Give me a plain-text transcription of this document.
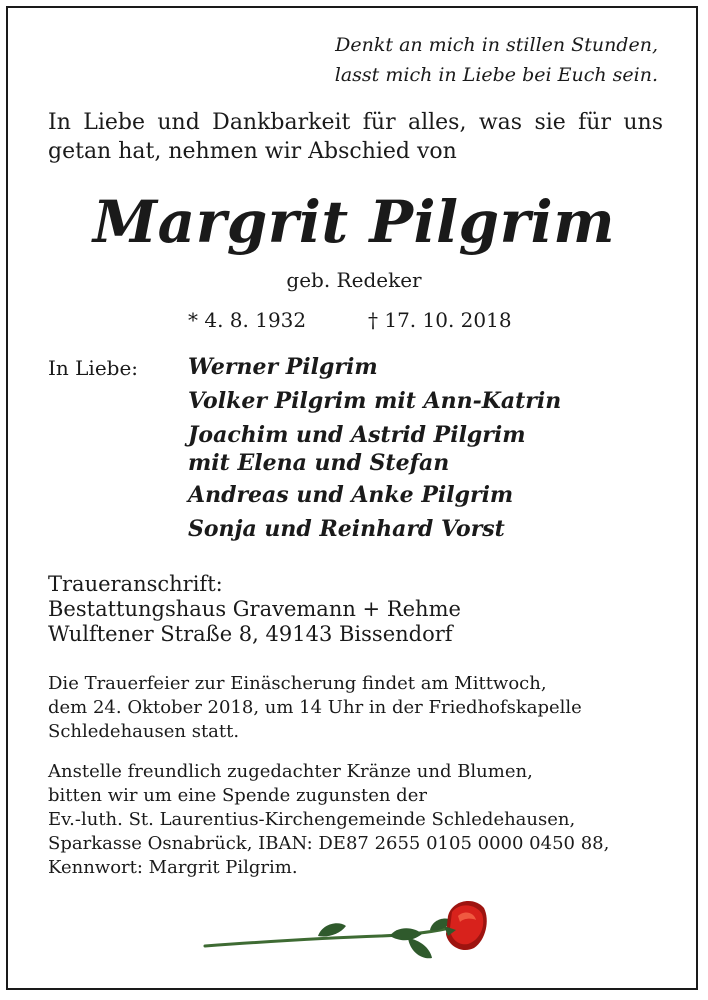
Denkt an mich in stillen Stunden,
lasst mich in Liebe bei Euch sein.
In Liebe und Dankbarkeit für alles, was sie für uns
getan hat, nehmen wir Abschied von
Margrit Pilgrim
geb. Redeker
* 4. 8. 1932	† 17. 10. 2018
In Liebe: Werner Pilgrim
Volker Pilgrim mit Ann-Katrin
Joachim und Astrid Pilgrim
mit Elena und Stefan
Andreas und Anke Pilgrim
Sonja und Reinhard Vorst
Traueranschrift:
Bestattungshaus Gravemann + Rehme
Wulftener Straße 8, 49143 Bissendorf
Die Trauerfeier zur Einäscherung findet am Mittwoch,
dem 24. Oktober 2018, um 14 Uhr in der Friedhofskapelle
Schledehausen statt.
Anstelle freundlich zugedachter Kränze und Blumen,
bitten wir um eine Spende zugunsten der
Ev.-luth. St. Laurentius-Kirchengemeinde Schledehausen,
Sparkasse Osnabrück, IBAN: DE87 2655 0105 0000 0450 88,
Kennwort: Margrit Pilgrim.
